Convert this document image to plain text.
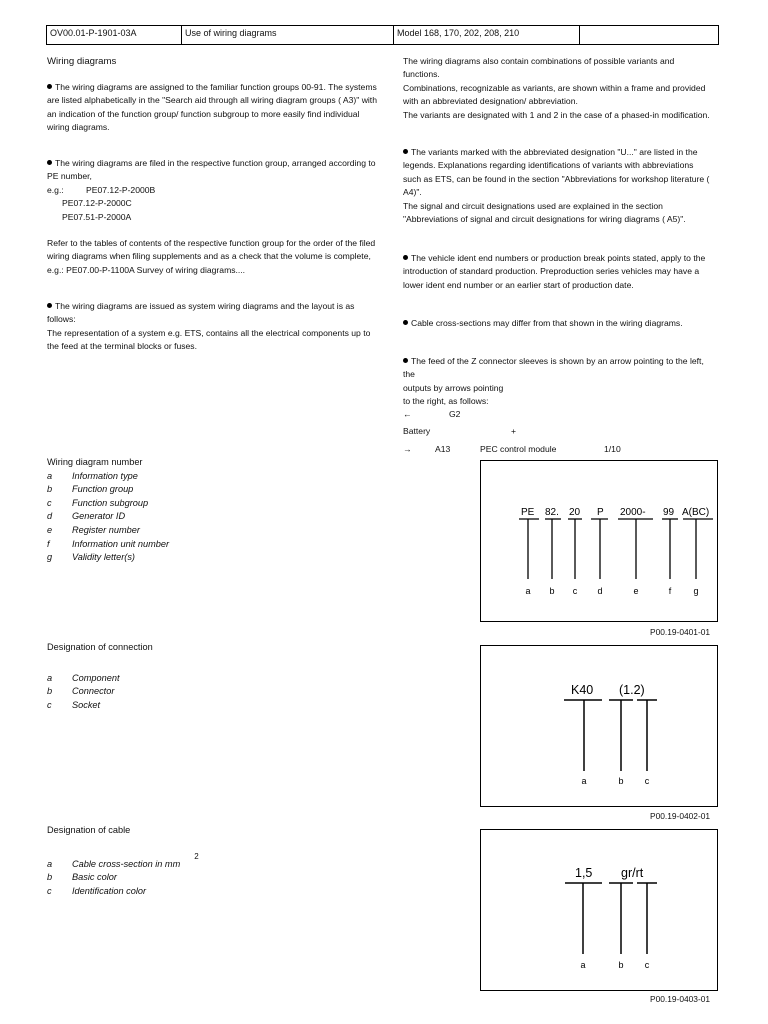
OV00.01-P-1901-03A	Use of wiring diagrams	Model 168, 170, 202, 208, 210

Wiring diagrams

The wiring diagrams are assigned to the familiar function groups 00-91. The systems are listed alphabetically in the "Search aid through all wiring diagram groups ( A3)" with an indication of the function group/ function subgroup to more easily find individual wiring diagrams.

The wiring diagrams are filed in the respective function group, arranged according to PE number,

e.g.:	PE07.12-P-2000B

PE07.12-P-2000C

PE07.51-P-2000A

Refer to the tables of contents of the respective function group for the order of the filed wiring diagrams when filing supplements and as a check that the volume is complete,

e.g.: PE07.00-P-1100A Survey of wiring diagrams....

The wiring diagrams are issued as system wiring diagrams and the layout is as follows:

The representation of a system e.g. ETS, contains all the electrical components up to the feed at the terminal blocks or fuses.

The wiring diagrams also contain combinations of possible variants and functions.

Combinations, recognizable as variants, are shown within a frame and provided with an abbreviated designation/ abbreviation.

The variants are designated with 1 and 2 in the case of a phased-in modification.

The variants marked with the abbreviated designation "U..." are listed in the legends. Explanations regarding identifications of variants with abbreviations such as ETS, can be found in the section "Abbreviations for workshop literature ( A4)".

The signal and circuit designations used are explained in the section "Abbreviations of signal and circuit designations for wiring diagrams ( A5)".

The vehicle ident end numbers or production break points stated, apply to the introduction of standard production. Preproduction series vehicles may have a lower ident end number or an earlier start of production date.

Cable cross-sections may differ from that shown in the wiring diagrams.

The feed of the Z connector sleeves is shown by an arrow pointing to the left, the

outputs by arrows pointing

to the right, as follows:

←	G2
Battery	+
→	A13	PEC control module	1/10
Wiring diagram number
a	Information type
b	Function group
c	Function subgroup
d	Generator ID
e	Register number
f	Information unit number
g	Validity letter(s)
PE 82. 20 P 2000- 99 A(BC)
a b c d	e	f g
P00.19-0401-01
Designation of connection
a	Component
b	Connector
c	Socket
K40 (1.2)
a	b c
P00.19-0402-01
Designation of cable
a	Cable cross-section in mm
2
b	Basic color
c	Identification color
1,5 gr/rt
a	b c
P00.19-0403-01
